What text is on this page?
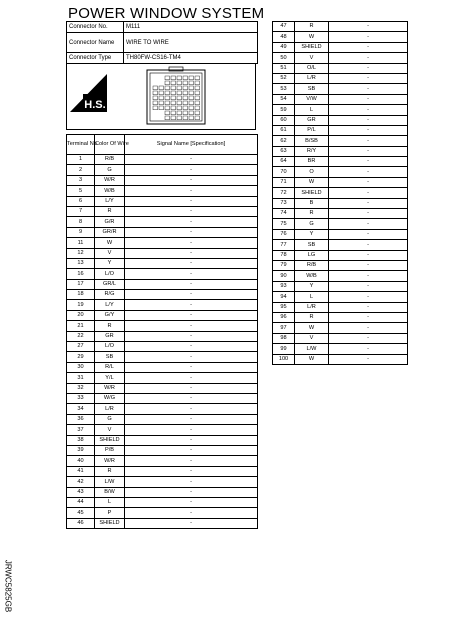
POWER WINDOW SYSTEM
Connector No.	M111
Connector Name	WIRE TO WIRE
Connector Type	TH80FW-CS16-TM4
H.S.
Terminal No.	Color Of Wire	Signal Name [Specification]
1	R/B	-
2	G	-
3	W/R	-
5	W/B	-
6	L/Y	-
7	R	-
8	G/R	-
9	GR/R	-
11	W	-
12	V	-
13	Y	-
16	L/O	-
17	GR/L	-
18	R/G	-
19	L/Y	-
20	G/Y	-
21	R	-
22	GR	-
27	L/O	-
29	SB	-
30	R/L	-
31	Y/L	-
32	W/R	-
33	W/G	-
34	L/R	-
36	G	-
37	V	-
38	SHIELD	-
39	P/B	-
40	W/R	-
41	R	-
42	L/W	-
43	B/W	-
44	L	-
45	P	-
46	SHIELD	-
47	R	-
48	W	-
49	SHIELD	-
50	V	-
51	O/L	-
52	L/R	-
53	SB	-
54	V/W	-
59	L	-
60	GR	-
61	P/L	-
62	B/SB	-
63	R/Y	-
64	BR	-
70	O	-
71	W	-
72	SHIELD	-
73	B	-
74	R	-
75	G	-
76	Y	-
77	SB	-
78	LG	-
79	R/B	-
90	W/B	-
93	Y	-
94	L	-
95	L/R	-
96	R	-
97	W	-
98	V	-
99	L/W	-
100	W	-
JRWC5825GB
